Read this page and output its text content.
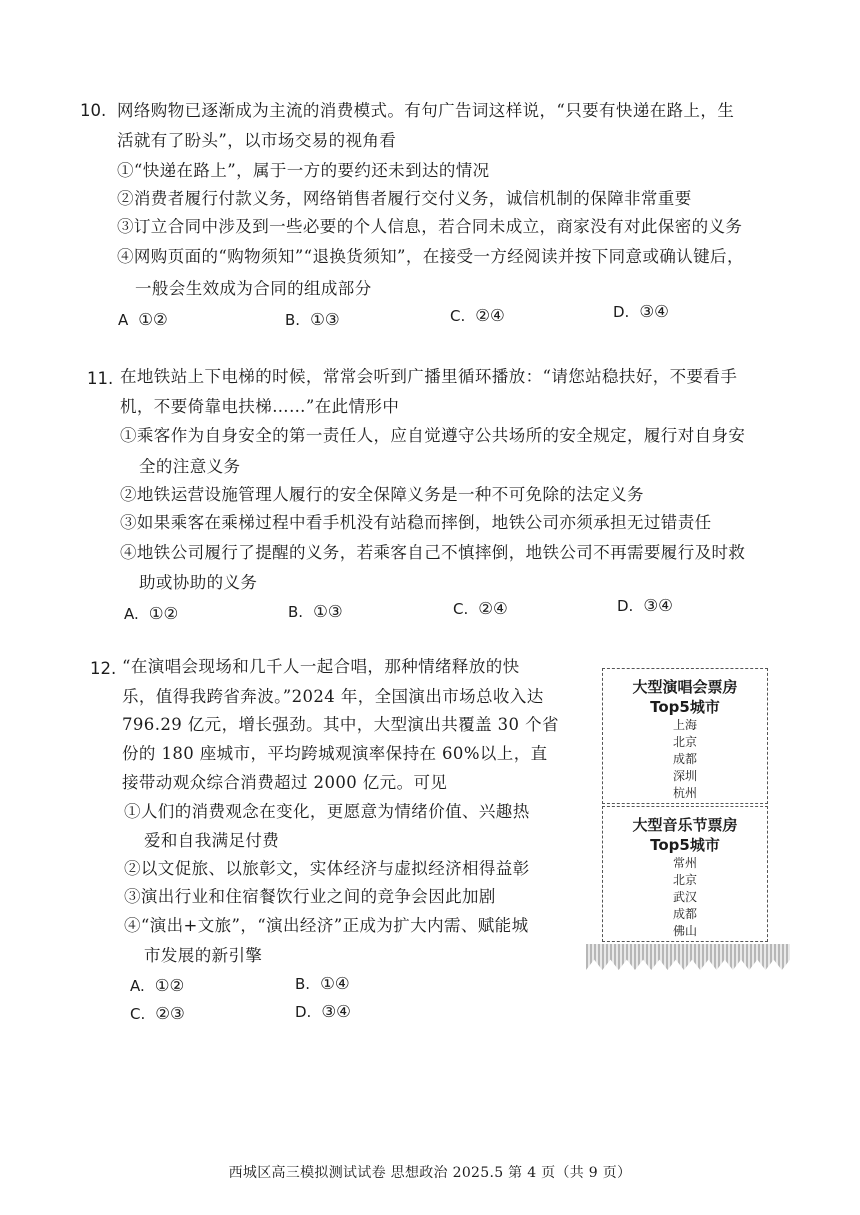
10. 网络购物已逐渐成为主流的消费模式。有句广告词这样说，“只要有快递在路上，生
活就有了盼头”，以市场交易的视角看
①“快递在路上”，属于一方的要约还未到达的情况
②消费者履行付款义务，网络销售者履行交付义务，诚信机制的保障非常重要
③订立合同中涉及到一些必要的个人信息，若合同未成立，商家没有对此保密的义务
④网购页面的“购物须知”“退换货须知”，在接受一方经阅读并按下同意或确认键后，
一般会生效成为合同的组成部分
A ①②	B. ①③	C. ②④	D. ③④
11. 在地铁站上下电梯的时候，常常会听到广播里循环播放：“请您站稳扶好，不要看手
机，不要倚靠电扶梯……”在此情形中
①乘客作为自身安全的第一责任人，应自觉遵守公共场所的安全规定，履行对自身安
全的注意义务
②地铁运营设施管理人履行的安全保障义务是一种不可免除的法定义务
③如果乘客在乘梯过程中看手机没有站稳而摔倒，地铁公司亦须承担无过错责任
④地铁公司履行了提醒的义务，若乘客自己不慎摔倒，地铁公司不再需要履行及时救
助或协助的义务
A. ①②	B. ①③	C. ②④	D. ③④
12. “在演唱会现场和几千人一起合唱，那种情绪释放的快
乐，值得我跨省奔波。”2024 年，全国演出市场总收入达
796.29 亿元，增长强劲。其中，大型演出共覆盖 30 个省
份的 180 座城市，平均跨城观演率保持在 60%以上，直
接带动观众综合消费超过 2000 亿元。可见
①人们的消费观念在变化，更愿意为情绪价值、兴趣热
爱和自我满足付费
②以文促旅、以旅彰文，实体经济与虚拟经济相得益彰
③演出行业和住宿餐饮行业之间的竞争会因此加剧
④“演出+文旅”，“演出经济”正成为扩大内需、赋能城
市发展的新引擎
A. ①②	B. ①④
C. ②③	D. ③④
大型演唱会票房
Top5城市
上海
北京
成都
深圳
杭州
大型音乐节票房
Top5城市
常州
北京
武汉
成都
佛山
西城区高三模拟测试试卷 思想政治 2025.5 第 4 页（共 9 页）
